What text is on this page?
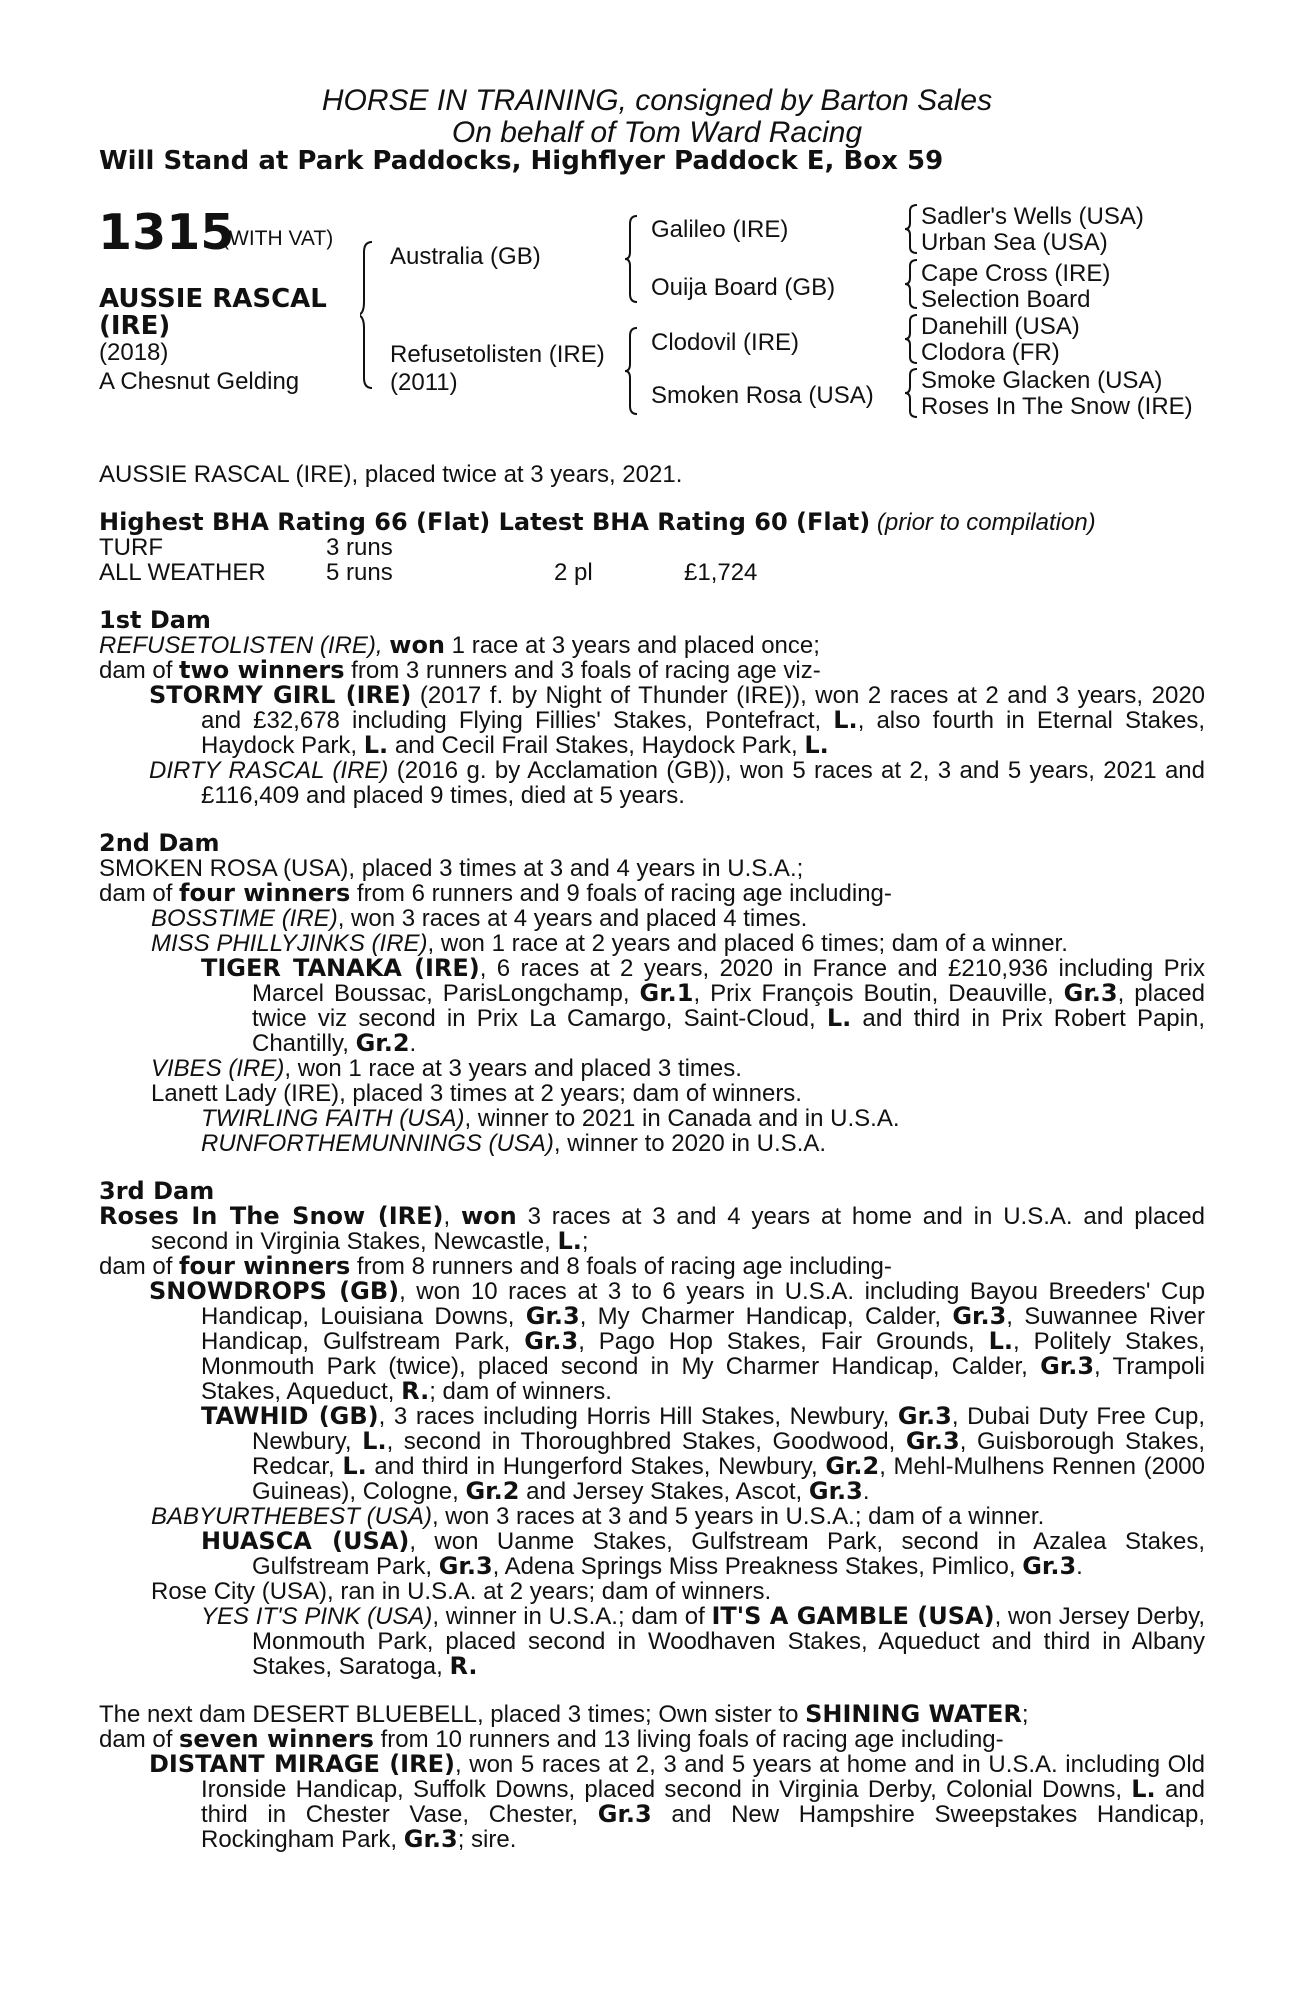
HORSE IN TRAINING, consigned by Barton Sales
On behalf of Tom Ward Racing
Will Stand at Park Paddocks, Highflyer Paddock E, Box 59
1315
(WITH VAT)
AUSSIE RASCAL
(IRE)
(2018)
A Chesnut Gelding
Australia (GB)
Refusetolisten (IRE)
(2011)
Galileo (IRE)
Ouija Board (GB)
Clodovil (IRE)
Smoken Rosa (USA)
Sadler's Wells (USA)
Urban Sea (USA)
Cape Cross (IRE)
Selection Board
Danehill (USA)
Clodora (FR)
Smoke Glacken (USA)
Roses In The Snow (IRE)

AUSSIE RASCAL (IRE), placed twice at 3 years, 2021.

Highest BHA Rating 66 (Flat) Latest BHA Rating 60 (Flat) (prior to compilation)

TURF	3 runs
ALL WEATHER	5 runs	2 pl	£1,724

1st Dam

REFUSETOLISTEN (IRE), won 1 race at 3 years and placed once;

dam of two winners from 3 runners and 3 foals of racing age viz-

STORMY GIRL (IRE) (2017 f. by Night of Thunder (IRE)), won 2 races at 2 and 3 years, 2020 and £32,678 including Flying Fillies' Stakes, Pontefract, L., also fourth in Eternal Stakes, Haydock Park, L. and Cecil Frail Stakes, Haydock Park, L.

DIRTY RASCAL (IRE) (2016 g. by Acclamation (GB)), won 5 races at 2, 3 and 5 years, 2021 and £116,409 and placed 9 times, died at 5 years.

2nd Dam

SMOKEN ROSA (USA), placed 3 times at 3 and 4 years in U.S.A.;

dam of four winners from 6 runners and 9 foals of racing age including-

BOSSTIME (IRE), won 3 races at 4 years and placed 4 times.

MISS PHILLYJINKS (IRE), won 1 race at 2 years and placed 6 times; dam of a winner.

TIGER TANAKA (IRE), 6 races at 2 years, 2020 in France and £210,936 including Prix Marcel Boussac, ParisLongchamp, Gr.1, Prix François Boutin, Deauville, Gr.3, placed twice viz second in Prix La Camargo, Saint-Cloud, L. and third in Prix Robert Papin, Chantilly, Gr.2.

VIBES (IRE), won 1 race at 3 years and placed 3 times.

Lanett Lady (IRE), placed 3 times at 2 years; dam of winners.

TWIRLING FAITH (USA), winner to 2021 in Canada and in U.S.A.

RUNFORTHEMUNNINGS (USA), winner to 2020 in U.S.A.

3rd Dam

Roses In The Snow (IRE), won 3 races at 3 and 4 years at home and in U.S.A. and placed second in Virginia Stakes, Newcastle, L.;

dam of four winners from 8 runners and 8 foals of racing age including-

SNOWDROPS (GB), won 10 races at 3 to 6 years in U.S.A. including Bayou Breeders' Cup Handicap, Louisiana Downs, Gr.3, My Charmer Handicap, Calder, Gr.3, Suwannee River Handicap, Gulfstream Park, Gr.3, Pago Hop Stakes, Fair Grounds, L., Politely Stakes, Monmouth Park (twice), placed second in My Charmer Handicap, Calder, Gr.3, Trampoli Stakes, Aqueduct, R.; dam of winners.

TAWHID (GB), 3 races including Horris Hill Stakes, Newbury, Gr.3, Dubai Duty Free Cup, Newbury, L., second in Thoroughbred Stakes, Goodwood, Gr.3, Guisborough Stakes, Redcar, L. and third in Hungerford Stakes, Newbury, Gr.2, Mehl-Mulhens Rennen (2000 Guineas), Cologne, Gr.2 and Jersey Stakes, Ascot, Gr.3.

BABYURTHEBEST (USA), won 3 races at 3 and 5 years in U.S.A.; dam of a winner.

HUASCA (USA), won Uanme Stakes, Gulfstream Park, second in Azalea Stakes, Gulfstream Park, Gr.3, Adena Springs Miss Preakness Stakes, Pimlico, Gr.3.

Rose City (USA), ran in U.S.A. at 2 years; dam of winners.

YES IT'S PINK (USA), winner in U.S.A.; dam of IT'S A GAMBLE (USA), won Jersey Derby, Monmouth Park, placed second in Woodhaven Stakes, Aqueduct and third in Albany Stakes, Saratoga, R.

The next dam DESERT BLUEBELL, placed 3 times; Own sister to SHINING WATER;

dam of seven winners from 10 runners and 13 living foals of racing age including-

DISTANT MIRAGE (IRE), won 5 races at 2, 3 and 5 years at home and in U.S.A. including Old Ironside Handicap, Suffolk Downs, placed second in Virginia Derby, Colonial Downs, L. and third in Chester Vase, Chester, Gr.3 and New Hampshire Sweepstakes Handicap, Rockingham Park, Gr.3; sire.
